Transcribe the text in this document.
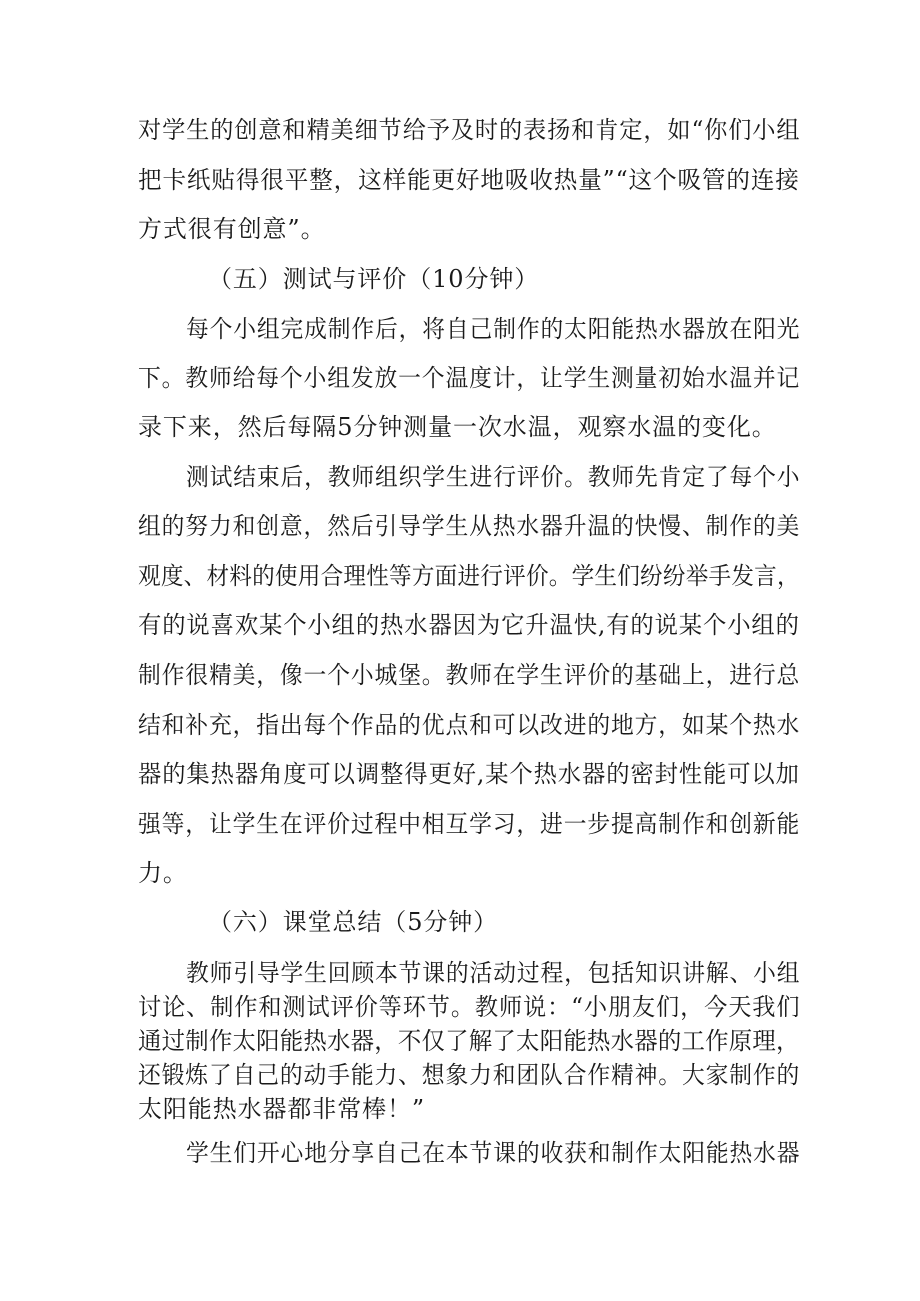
对学生的创意和精美细节给予及时的表扬和肯定，如“你们小组
把卡纸贴得很平整，这样能更好地吸收热量”“这个吸管的连接
方式很有创意”。
（五）测试与评价（10分钟）
每个小组完成制作后，将自己制作的太阳能热水器放在阳光
下。教师给每个小组发放一个温度计，让学生测量初始水温并记
录下来，然后每隔5分钟测量一次水温，观察水温的变化。
测试结束后，教师组织学生进行评价。教师先肯定了每个小
组的努力和创意，然后引导学生从热水器升温的快慢、制作的美
观度、材料的使用合理性等方面进行评价。学生们纷纷举手发言，
有的说喜欢某个小组的热水器因为它升温快,有的说某个小组的
制作很精美，像一个小城堡。教师在学生评价的基础上，进行总
结和补充，指出每个作品的优点和可以改进的地方，如某个热水
器的集热器角度可以调整得更好,某个热水器的密封性能可以加
强等，让学生在评价过程中相互学习，进一步提高制作和创新能
力。
（六）课堂总结（5分钟）
教师引导学生回顾本节课的活动过程，包括知识讲解、小组
讨论、制作和测试评价等环节。教师说：“小朋友们，今天我们
通过制作太阳能热水器，不仅了解了太阳能热水器的工作原理，
还锻炼了自己的动手能力、想象力和团队合作精神。大家制作的
太阳能热水器都非常棒！”
学生们开心地分享自己在本节课的收获和制作太阳能热水器
